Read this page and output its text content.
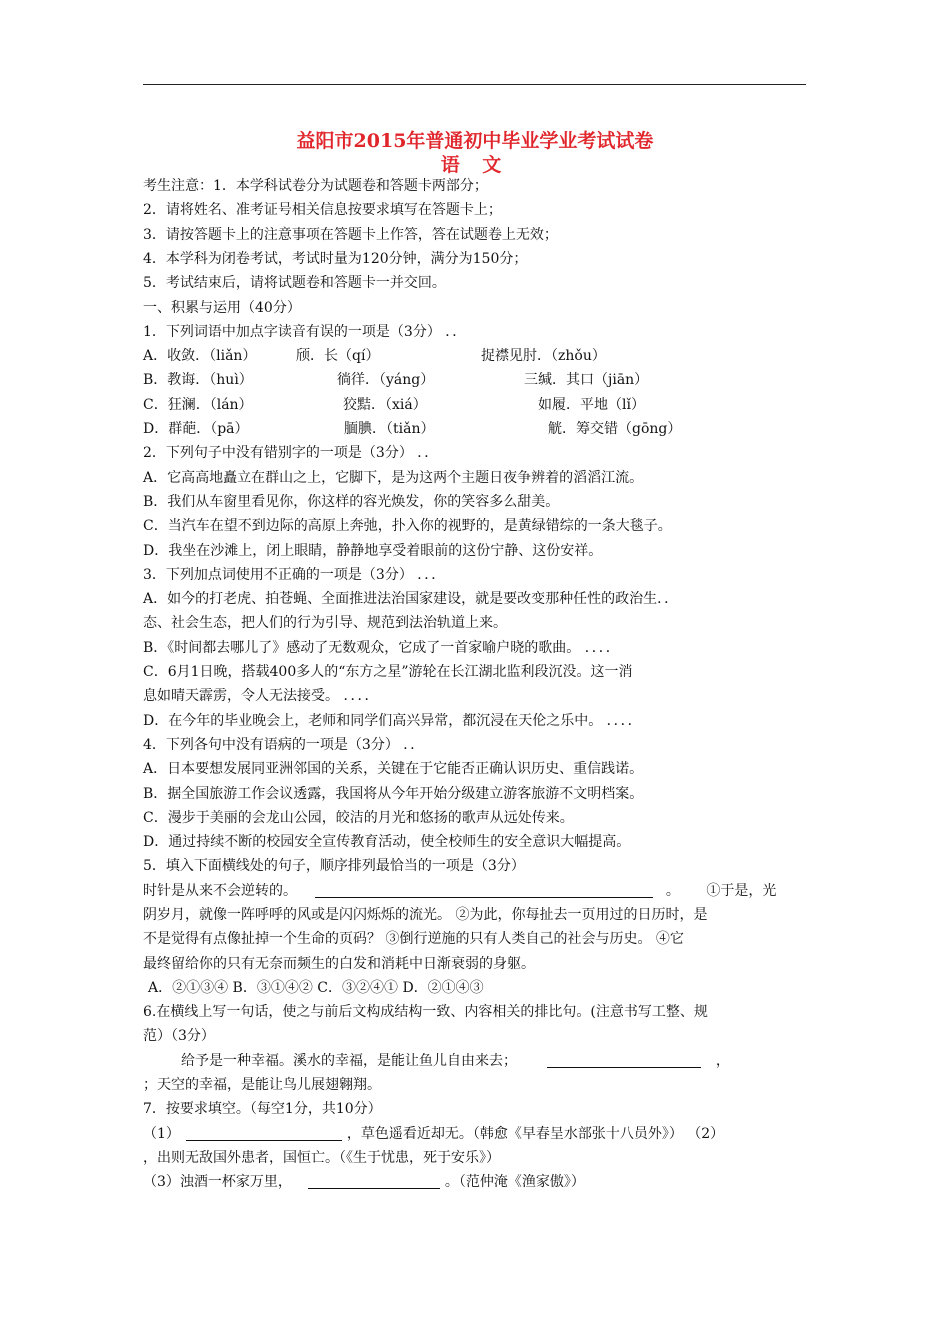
益阳市2015年普通初中毕业学业考试试卷
语 文
考生注意：1．本学科试卷分为试题卷和答题卡两部分；
2．请将姓名、准考证号相关信息按要求填写在答题卡上；
3．请按答题卡上的注意事项在答题卡上作答，答在试题卷上无效；
4．本学科为闭卷考试，考试时量为120分钟，满分为150分；
5．考试结束后，请将试题卷和答题卡一并交回。
一、积累与运用（40分）
1．下列词语中加点字读音有误的一项是（3分） ．．
A．收敛．（liǎn）	颀．长（qí）	捉襟见肘．（zhǒu）
B．教诲．（huì）	徜徉．（yáng）	三缄．其口（jiān）
C．狂澜．（lán）	狡黠．（xiá）	如履．平地（lǐ）
D．群葩．（pā）	腼腆．（tiǎn）	觥．筹交错（gōng）
2．下列句子中没有错别字的一项是（3分） ．．
A．它高高地矗立在群山之上，它脚下，是为这两个主题日夜争辨着的滔滔江流。
B．我们从车窗里看见你，你这样的容光焕发，你的笑容多么甜美。
C．当汽车在望不到边际的高原上奔弛，扑入你的视野的，是黄绿错综的一条大毯子。
D．我坐在沙滩上，闭上眼睛，静静地享受着眼前的这份宁静、这份安祥。
3．下列加点词使用不正确的一项是（3分） ．．．
A．如今的打老虎、拍苍蝇、全面推进法治国家建设，就是要改变那种任性的政治生．．
态、社会生态，把人们的行为引导、规范到法治轨道上来。
B．《时间都去哪儿了》感动了无数观众，它成了一首家喻户晓的歌曲。 ．．．．
C．6月1日晚，搭载400多人的“东方之星”游轮在长江湖北监利段沉没。这一消
息如晴天霹雳，令人无法接受。 ．．．．
D．在今年的毕业晚会上，老师和同学们高兴异常，都沉浸在天伦之乐中。 ．．．．
4．下列各句中没有语病的一项是（3分） ．．
A．日本要想发展同亚洲邻国的关系，关键在于它能否正确认识历史、重信践诺。
B．据全国旅游工作会议透露，我国将从今年开始分级建立游客旅游不文明档案。
C．漫步于美丽的会龙山公园，皎洁的月光和悠扬的歌声从远处传来。
D．通过持续不断的校园安全宣传教育活动，使全校师生的安全意识大幅提高。
5．填入下面横线处的句子，顺序排列最恰当的一项是（3分）
时针是从来不会逆转的。	。 ①于是，光
阴岁月，就像一阵呼呼的风或是闪闪烁烁的流光。 ②为此，你每扯去一页用过的日历时，是
不是觉得有点像扯掉一个生命的页码？ ③倒行逆施的只有人类自己的社会与历史。 ④它
最终留给你的只有无奈而频生的白发和消耗中日渐衰弱的身躯。
A．②①③④ B．③①④② C．③②④① D．②①④③
6.在横线上写一句话，使之与前后文构成结构一致、内容相关的排比句。(注意书写工整、规
范）（3分）
给予是一种幸福。溪水的幸福，是能让鱼儿自由来去；	，
；天空的幸福，是能让鸟儿展翅翱翔。
7．按要求填空。（每空1分，共10分）
（1）	，草色遥看近却无。（韩愈《早春呈水部张十八员外》） （2）
，出则无敌国外患者，国恒亡。（《生于忧患，死于安乐》）
（3）浊酒一杯家万里，	。（范仲淹《渔家傲》）
